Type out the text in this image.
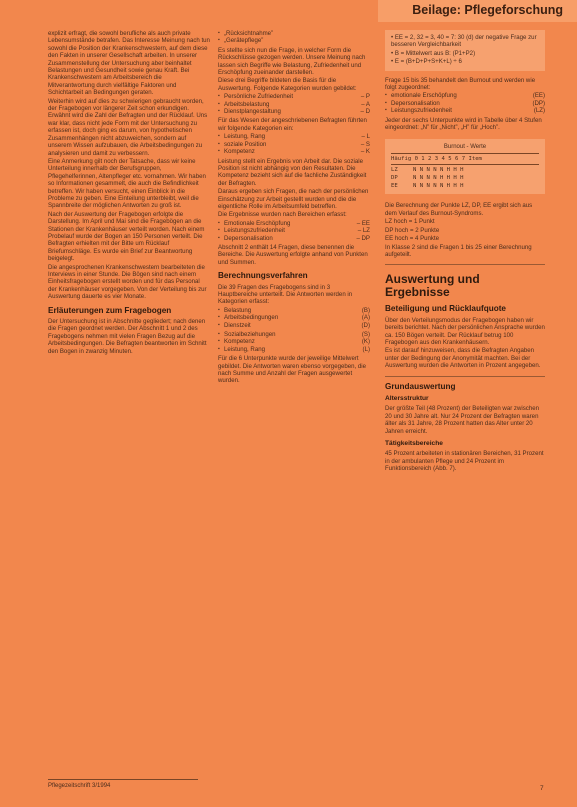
Beilage: Pflegeforschung

explizit erfragt, die sowohl berufliche als auch private Lebensumstände betrafen. Das Interesse Meinung nach tun sowohl die Position der Krankenschwestern, auf dem diese den Fakten in unserer Gesellschaft arbeiten. In unserer Zusammenstellung der Untersuchung aber beinhaltet Belastungen und Gesundheit sowie genau Kraft. Bei Krankenschwestern am Arbeitsbereich die Mitverantwortung durch vielfältige Faktoren und Schichtarbeit an Bedingungen geraten.

Weiterhin wird auf dies zu schwierigen gebraucht worden, der Fragebogen vor längerer Zeit schon erkundigen. Erwähnt wird die Zahl der Befragten und der Rücklauf. Uns war klar, dass nicht jede Form mit der Untersuchung zu erfassen ist, doch ging es darum, von hypothetischen Zusammenhängen nicht abzuweichen, sondern auf unserem Wissen aufzubauen, die Arbeitsbedingungen zu analysieren und damit zu verbessern.

Eine Anmerkung gilt noch der Tatsache, dass wir keine Unterteilung innerhalb der Berufsgruppen, Pflegehelferinnen, Altenpfleger etc. vornahmen. Wir haben so Informationen gesammelt, die auch die Befindlichkeit betreffen. Wir haben versucht, einen Einblick in die Probleme zu geben. Eine Einteilung unterbleibt, weil die Spannbreite der möglichen Antworten zu groß ist.

Nach der Auswertung der Fragebogen erfolgte die Darstellung. Im April und Mai sind die Fragebögen an die Stationen der Krankenhäuser verteilt worden. Nach einem Probelauf wurde der Bogen an 150 Personen verteilt. Die Befragten erhielten mit der Bitte um Rücklauf Briefumschläge. Es wurde ein Brief zur Beantwortung beigelegt.

Die angesprochenen Krankenschwestern bearbeiteten die Interviews in einer Stunde. Die Bögen sind nach einem Einheitsfragebogen erstellt worden und für das Personal der Krankenhäuser vorgegeben. Von der Verteilung bis zur Auswertung dauerte es vier Monate.

Erläuterungen zum Fragebogen

Der Untersuchung ist in Abschnitte gegliedert; nach denen die Fragen geordnet werden. Der Abschnitt 1 und 2 des Fragebogens nehmen mit vielen Fragen Bezug auf die Arbeitsbedingungen. Die Befragten beantworten im Schnitt den Bogen in zwanzig Minuten.

▪ „Rücksichtnahme”
▪ „Gerätepflege”

Es stellte sich nun die Frage, in welcher Form die Rückschlüsse gezogen werden. Unsere Meinung nach lassen sich Begriffe wie Belastung, Zufriedenheit und Erschöpfung zueinander darstellen.

Diese drei Begriffe bildeten die Basis für die Auswertung. Folgende Kategorien wurden gebildet:

▪ Persönliche Zufriedenheit	– P
▪ Arbeitsbelastung	– A
▪ Dienstplangestaltung	– D

Für das Wesen der angeschriebenen Befragten führten wir folgende Kategorien ein:

▪ Leistung, Rang	– L
▪ soziale Position	– S
▪ Kompetenz	– K

Leistung stellt ein Ergebnis von Arbeit dar. Die soziale Position ist nicht abhängig von den Resultaten. Die Kompetenz bezieht sich auf die fachliche Zuständigkeit der Befragten.

Daraus ergeben sich Fragen, die nach der persönlichen Einschätzung zur Arbeit gestellt wurden und die die eigentliche Rolle im Arbeitsumfeld betreffen.

Die Ergebnisse wurden nach Bereichen erfasst:

▪ Emotionale Erschöpfung	– EE
▪ Leistungszufriedenheit	– LZ
▪ Depersonalisation	– DP

Abschnitt 2 enthält 14 Fragen, diese benennen die Bereiche. Die Auswertung erfolgte anhand von Punkten und Summen.

Berechnungsverfahren

Die 39 Fragen des Fragebogens sind in 3 Hauptbereiche unterteilt. Die Antworten werden in Kategorien erfasst:

▪ Belastung	(B)
▪ Arbeitsbedingungen	(A)
▪ Dienstzeit	(D)
▪ Sozialbeziehungen	(S)
▪ Kompetenz	(K)
▪ Leistung, Rang	(L)

Für die 6 Unterpunkte wurde der jeweilige Mittelwert gebildet. Die Antworten waren ebenso vorgegeben, die nach Summe und Anzahl der Fragen ausgewertet wurden.

• EE = 2, 32 = 3, 40 = 7: 30 (d) der negative Frage zur besseren Vergleichbarkeit

• B = Mittelwert aus B: (P1+P2)

• E = (B+D+P+S+K+L) ÷ 6

Frage 15 bis 35 behandelt den Burnout und werden wie folgt zugeordnet:

▪ emotionale Erschöpfung	(EE)
▪ Depersonalisation	(DP)
▪ Leistungszufriedenheit	(LZ)

Jeder der sechs Unterpunkte wird in Tabelle über 4 Stufen eingeordnet: „N” für „Nicht”, „H” für „Hoch”.

Burnout - Werte
Häufig 0 1 2 3 4 5 6 7 Item
LZ	N N N N N H H H
DP	N N N N H H H H
EE	N N N N N H H H

Die Berechnung der Punkte LZ, DP, EE ergibt sich aus dem Verlauf des Burnout-Syndroms.

LZ hoch = 1 Punkt

DP hoch = 2 Punkte

EE hoch = 4 Punkte

In Klasse 2 sind die Fragen 1 bis 25 einer Berechnung aufgeteilt.

Auswertung und Ergebnisse
Beteiligung und Rücklaufquote

Über den Verteilungsmodus der Fragebogen haben wir bereits berichtet. Nach der persönlichen Ansprache wurden ca. 150 Bögen verteilt. Der Rücklauf betrug 100 Fragebogen aus den Krankenhäusern.

Es ist darauf hinzuweisen, dass die Befragten Angaben unter der Bedingung der Anonymität machten. Bei der Auswertung wurden die Antworten in Prozent angegeben.

Grundauswertung
Altersstruktur

Der größte Teil (48 Prozent) der Beteiligten war zwischen 20 und 30 Jahre alt. Nur 24 Prozent der Befragten waren älter als 31 Jahre, 28 Prozent hatten das Alter unter 20 Jahren erreicht.

Tätigkeitsbereiche

45 Prozent arbeiteten in stationären Bereichen, 31 Prozent in der ambulanten Pflege und 24 Prozent im Funktionsbereich (Abb. 7).

Pflegezeitschrift 3/1994	7
